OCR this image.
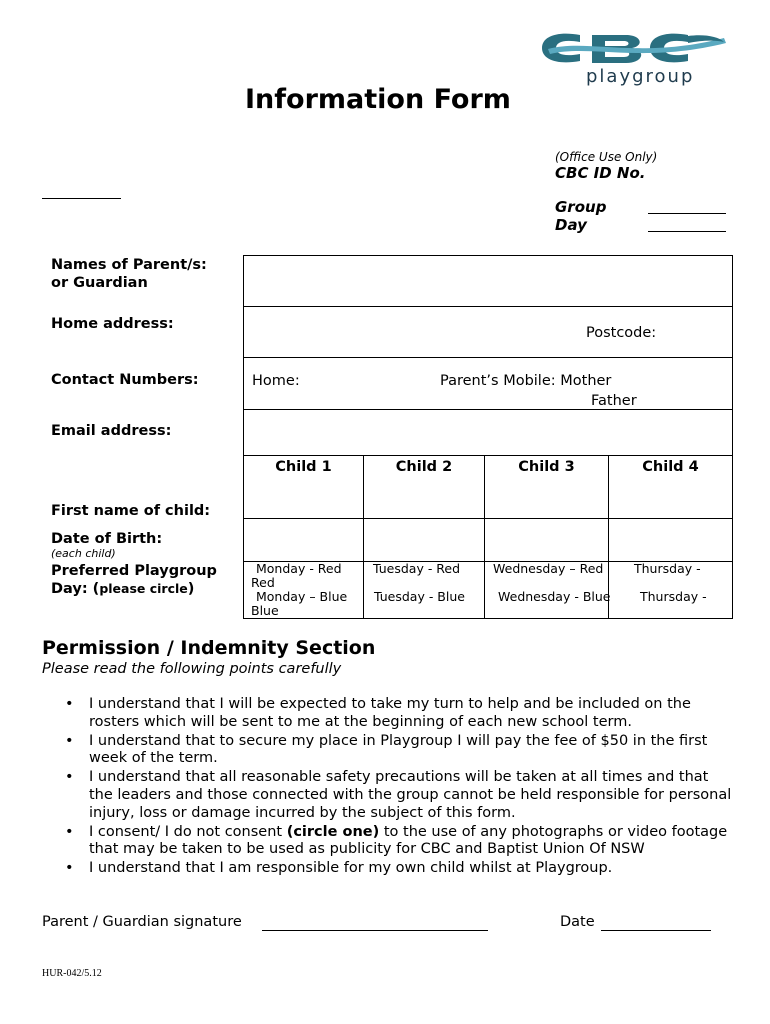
playgroup
Information Form
(Office Use Only)
CBC ID No.
Group
Day
Names of Parent/s:
or Guardian
Home address:
Contact Numbers:
Email address:
First name of child:
Date of Birth:
(each child)
Preferred Playgroup
Day: (please circle)
Postcode:
Home:	Parent’s Mobile: Mother
Father
Child 1
Monday - Red
Red
Monday – Blue
Blue
Child 2
Tuesday - Red
Tuesday - Blue
Child 3
Wednesday – Red
Wednesday - Blue
Child 4
Thursday -
Thursday -
Permission / Indemnity Section
Please read the following points carefully
• I understand that I will be expected to take my turn to help and be included on the rosters which will be sent to me at the beginning of each new school term.
• I understand that to secure my place in Playgroup I will pay the fee of $50 in the first week of the term.
• I understand that all reasonable safety precautions will be taken at all times and that the leaders and those connected with the group cannot be held responsible for personal injury, loss or damage incurred by the subject of this form.
• I consent/ I do not consent (circle one) to the use of any photographs or video footage that may be taken to be used as publicity for CBC and Baptist Union Of NSW
• I understand that I am responsible for my own child whilst at Playgroup.
Parent / Guardian signature	Date
HUR-042/5.12
